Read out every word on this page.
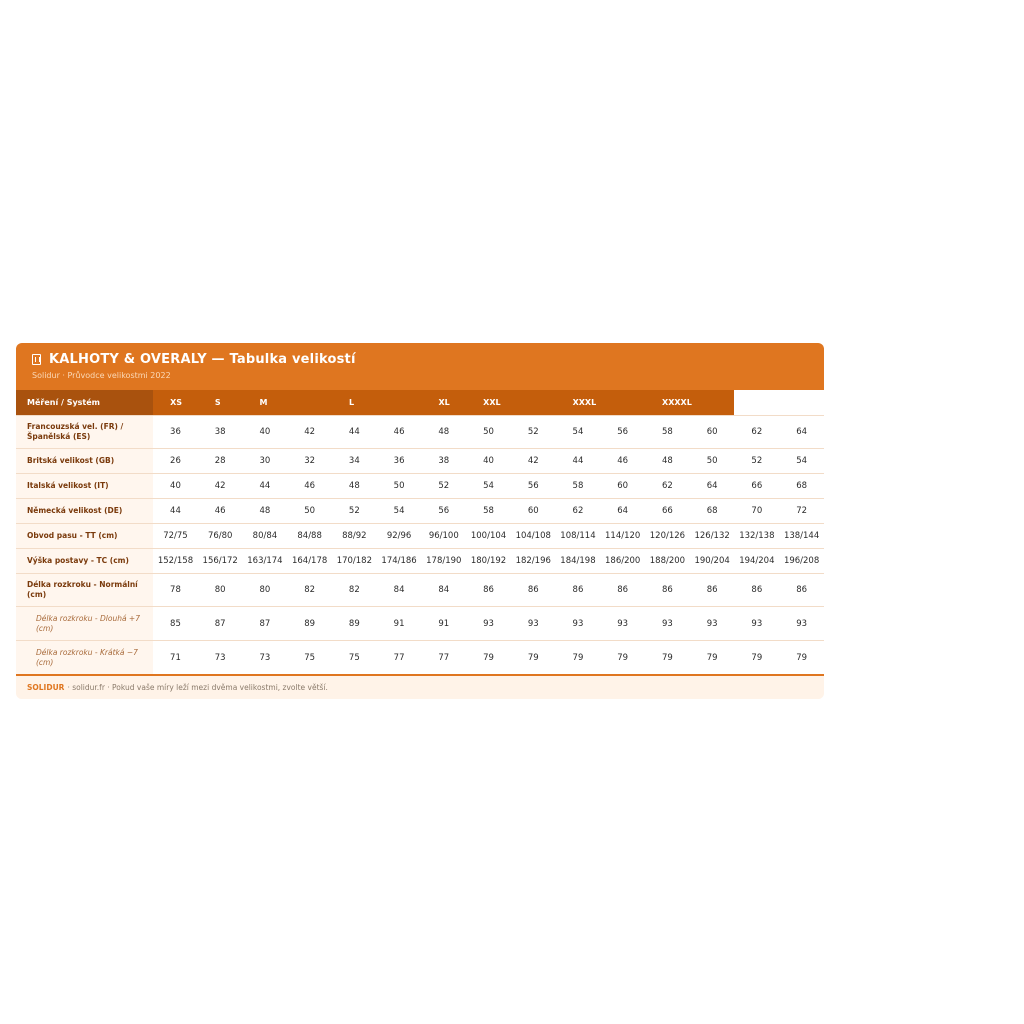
KALHOTY & OVERALY — Tabulka velikostí
Solidur · Průvodce velikostmi 2022
Měření / Systém	XS	S	M		L		XL	XXL		XXXL		XXXXL			
Francouzská vel. (FR) / Španělská (ES)	36	38	40	42	44	46	48	50	52	54	56	58	60	62	64
Britská velikost (GB)	26	28	30	32	34	36	38	40	42	44	46	48	50	52	54
Italská velikost (IT)	40	42	44	46	48	50	52	54	56	58	60	62	64	66	68
Německá velikost (DE)	44	46	48	50	52	54	56	58	60	62	64	66	68	70	72
Obvod pasu - TT (cm)	72/75	76/80	80/84	84/88	88/92	92/96	96/100	100/104	104/108	108/114	114/120	120/126	126/132	132/138	138/144
Výška postavy - TC (cm)	152/158	156/172	163/174	164/178	170/182	174/186	178/190	180/192	182/196	184/198	186/200	188/200	190/204	194/204	196/208
Délka rozkroku - Normální (cm)	78	80	80	82	82	84	84	86	86	86	86	86	86	86	86
Délka rozkroku - Dlouhá +7 (cm)	85	87	87	89	89	91	91	93	93	93	93	93	93	93	93
Délka rozkroku - Krátká −7 (cm)	71	73	73	75	75	77	77	79	79	79	79	79	79	79	79
SOLIDUR · solidur.fr · Pokud vaše míry leží mezi dvěma velikostmi, zvolte větší.
